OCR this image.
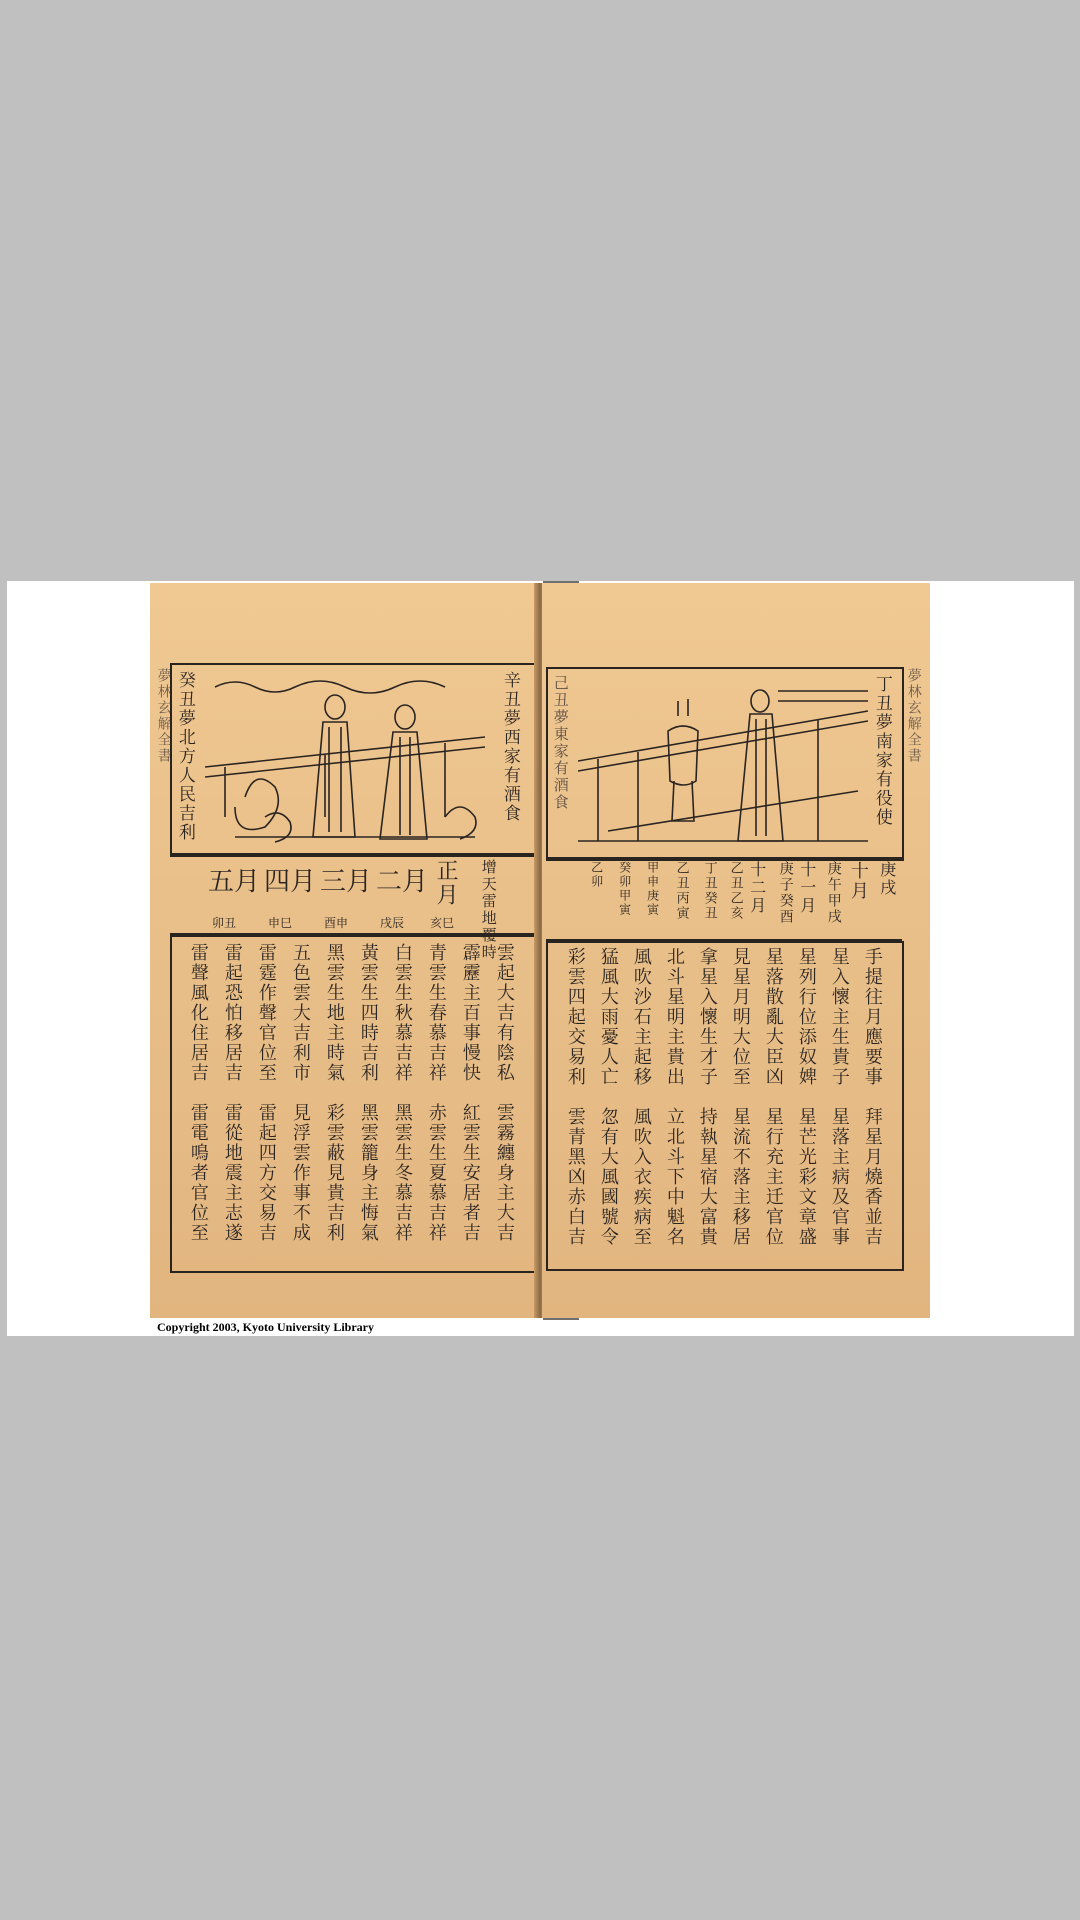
夢林玄解全書 癸丑夢北方人民吉利	辛丑夢西家有酒食
正月
亥巳
二月
戌辰
三月
酉申
四月
申巳
五月
卯丑	增天雷地覆時
雲起大吉有陰私
霹靂主百事慢快
青雲生春慕吉祥
白雲生秋慕吉祥
黃雲生四時吉利
黑雲生地主時氣
五色雲大吉利市
雷霆作聲官位至
雷起恐怕移居吉
雷聲風化住居吉
雲霧纏身主大吉
紅雲生安居者吉
赤雲生夏慕吉祥
黑雲生冬慕吉祥
黑雲籠身主悔氣
彩雲蔽見貴吉利
見浮雲作事不成
雷起四方交易吉
雷從地震主志遂
雷電鳴者官位至
夢林玄解全書
丁丑夢南家有役使
己丑夢東家有酒食
庚戌
十月
庚午甲戌
十一月
庚子癸酉
十二月
乙丑乙亥
丁丑癸丑
乙丑丙寅
甲申庚寅
癸卯甲寅
乙卯
手提往月應要事
星入懷主生貴子
星列行位添奴婢
星落散亂大臣凶
見星月明大位至
拿星入懷生才子
北斗星明主貴出
風吹沙石主起移
猛風大雨憂人亡
彩雲四起交易利
拜星月燒香並吉
星落主病及官事
星芒光彩文章盛
星行充主迁官位
星流不落主移居
持執星宿大富貴
立北斗下中魁名
風吹入衣疾病至
忽有大風國號令
雲青黑凶赤白吉
Copyright 2003, Kyoto University Library
